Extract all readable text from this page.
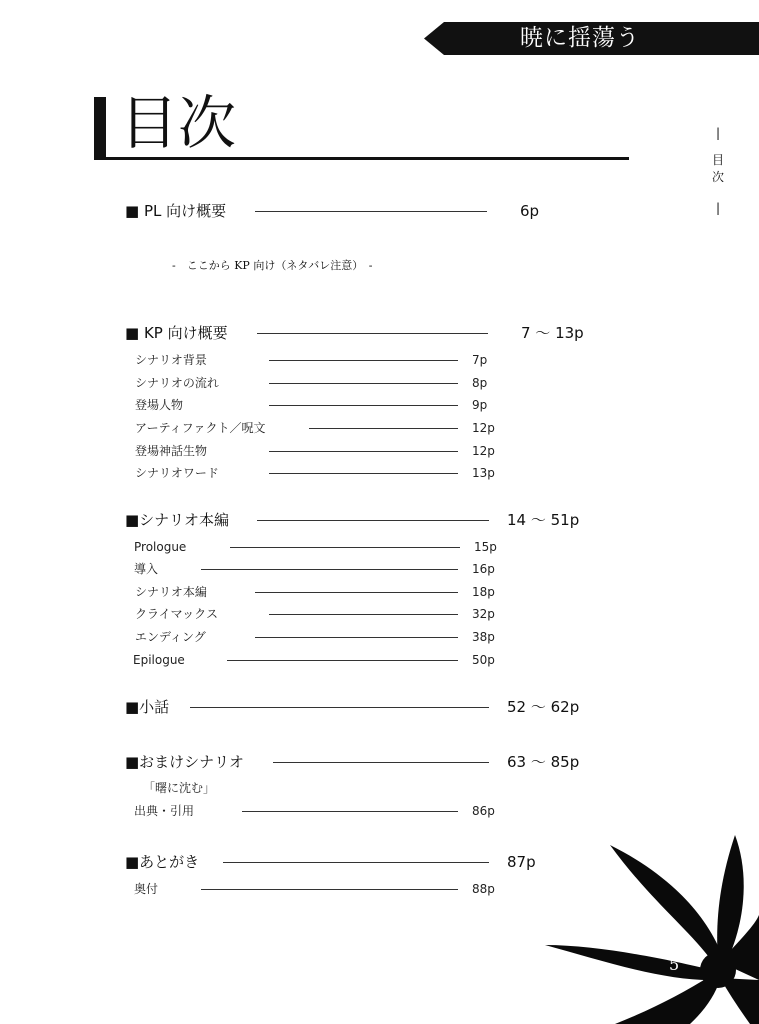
暁に揺蕩う
目次	|
目
次
|
■ PL 向け概要	6p
-　ここから KP 向け（ネタバレ注意）　-
■ KP 向け概要	7 ～ 13p
シナリオ背景	7p
シナリオの流れ	8p
登場人物	9p
アーティファクト／呪文	12p
登場神話生物	12p
シナリオワード	13p
■シナリオ本編	14 ～ 51p
Prologue	15p
導入	16p
シナリオ本編	18p
クライマックス	32p
エンディング	38p
Epilogue	50p
■小話	52 ～ 62p
■おまけシナリオ	63 ～ 85p
「曙に沈む」
出典・引用	86p
■あとがき	87p
奥付	88p
5
